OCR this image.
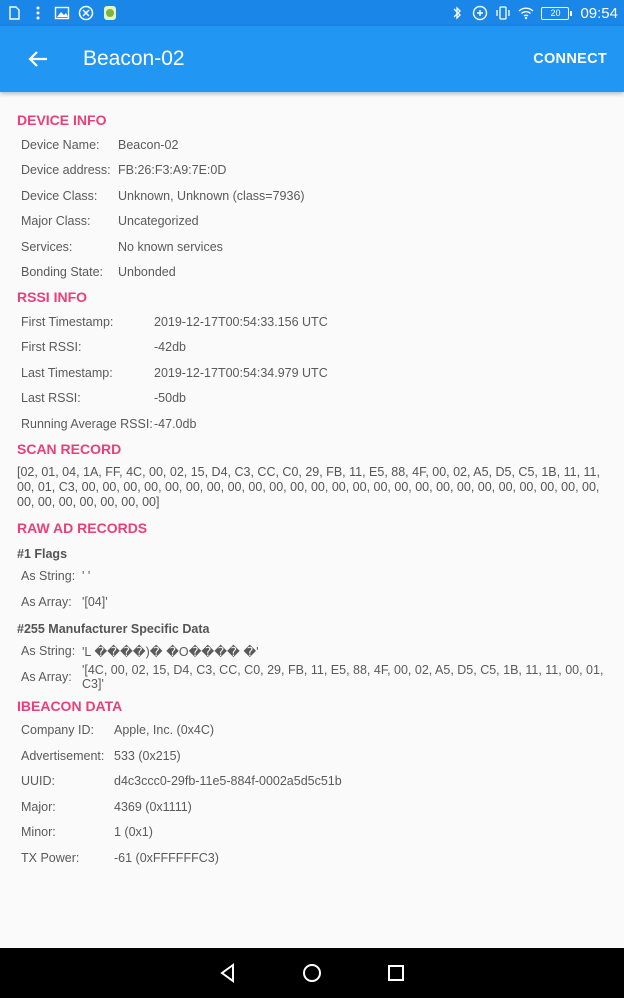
20	09:54
Beacon-02	CONNECT
DEVICE INFO
Device Name:	Beacon-02
Device address: FB:26:F3:A9:7E:0D
Device Class:	Unknown, Unknown (class=7936)
Major Class:	Uncategorized
Services:	No known services
Bonding State:	Unbonded
RSSI INFO
First Timestamp:	2019-12-17T00:54:33.156 UTC
First RSSI:	-42db
Last Timestamp:	2019-12-17T00:54:34.979 UTC
Last RSSI:	-50db
Running Average RSSI: -47.0db
SCAN RECORD
[02, 01, 04, 1A, FF, 4C, 00, 02, 15, D4, C3, CC, C0, 29, FB, 11, E5, 88, 4F, 00, 02, A5, D5, C5, 1B, 11, 11, 00, 01, C3, 00, 00, 00, 00, 00, 00, 00, 00, 00, 00, 00, 00, 00, 00, 00, 00, 00, 00, 00, 00, 00, 00, 00, 00, 00, 00, 00, 00, 00, 00, 00, 00]
RAW AD RECORDS
#1 Flags
As String: ' '
As Array: '[04]'
#255 Manufacturer Specific Data
As String: 'L ����)� �O���� �'
As Array: '[4C, 00, 02, 15, D4, C3, CC, C0, 29, FB, 11, E5, 88, 4F, 00, 02, A5, D5, C5, 1B, 11, 11, 00, 01, C3]'
IBEACON DATA
Company ID:	Apple, Inc. (0x4C)
Advertisement: 533 (0x215)
UUID:	d4c3ccc0-29fb-11e5-884f-0002a5d5c51b
Major:	4369 (0x1111)
Minor:	1 (0x1)
TX Power:	-61 (0xFFFFFFC3)
